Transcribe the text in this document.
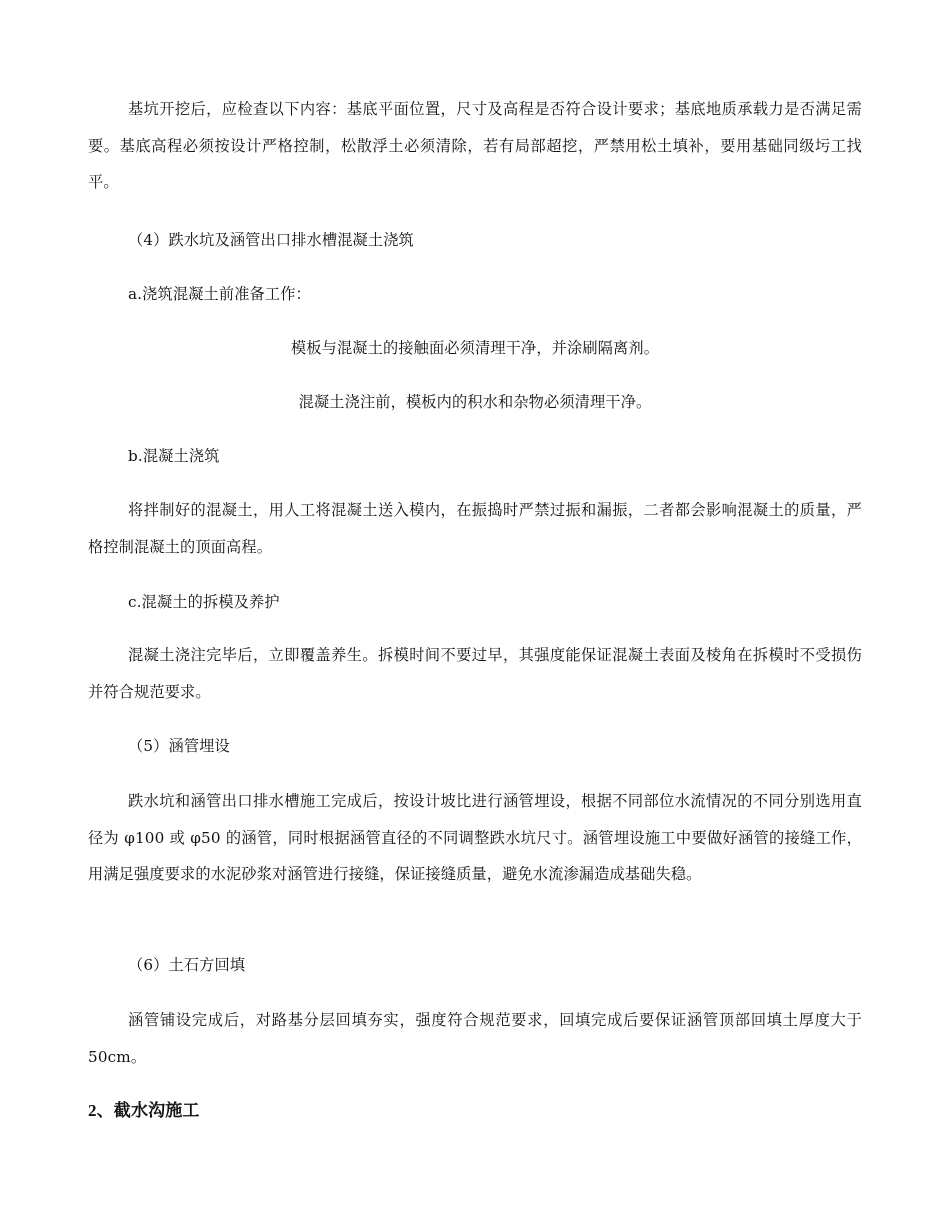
基坑开挖后，应检查以下内容：基底平面位置，尺寸及高程是否符合设计要求；基底地质承载力是否满足需要。基底高程必须按设计严格控制，松散浮土必须清除，若有局部超挖，严禁用松土填补，要用基础同级圬工找平。
（4）跌水坑及涵管出口排水槽混凝土浇筑
a.浇筑混凝土前准备工作：
模板与混凝土的接触面必须清理干净，并涂刷隔离剂。
混凝土浇注前，模板内的积水和杂物必须清理干净。
b.混凝土浇筑
将拌制好的混凝土，用人工将混凝土送入模内，在振捣时严禁过振和漏振，二者都会影响混凝土的质量，严格控制混凝土的顶面高程。
c.混凝土的拆模及养护
混凝土浇注完毕后，立即覆盖养生。拆模时间不要过早，其强度能保证混凝土表面及棱角在拆模时不受损伤并符合规范要求。
（5）涵管埋设
跌水坑和涵管出口排水槽施工完成后，按设计坡比进行涵管埋设，根据不同部位水流情况的不同分别选用直径为 φ100 或 φ50 的涵管，同时根据涵管直径的不同调整跌水坑尺寸。涵管埋设施工中要做好涵管的接缝工作，用满足强度要求的水泥砂浆对涵管进行接缝，保证接缝质量，避免水流渗漏造成基础失稳。
（6）土石方回填
涵管铺设完成后，对路基分层回填夯实，强度符合规范要求，回填完成后要保证涵管顶部回填土厚度大于 50cm。
2、截水沟施工
